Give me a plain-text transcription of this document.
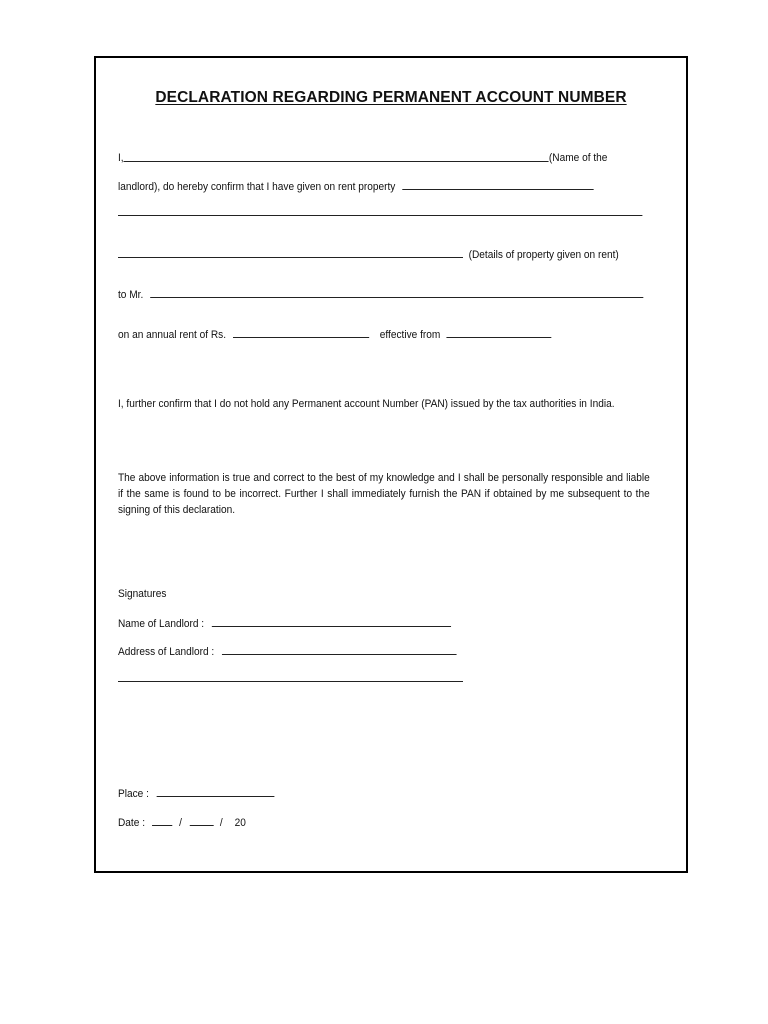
DECLARATION REGARDING PERMANENT ACCOUNT NUMBER
I,	(Name of the
landlord), do hereby confirm that I have given on rent property
(Details of property given on rent)
to Mr.
on an annual rent of Rs.	effective from
I, further confirm that I do not hold any Permanent account Number (PAN) issued by the tax authorities in India.
The above information is true and correct to the best of my knowledge and I shall be personally responsible and liable if the same is found to be incorrect. Further I shall immediately furnish the PAN if obtained by me subsequent to the signing of this declaration.
Signatures
Name of Landlord :
Address of Landlord :
Place :
Date :	/	/ 20
